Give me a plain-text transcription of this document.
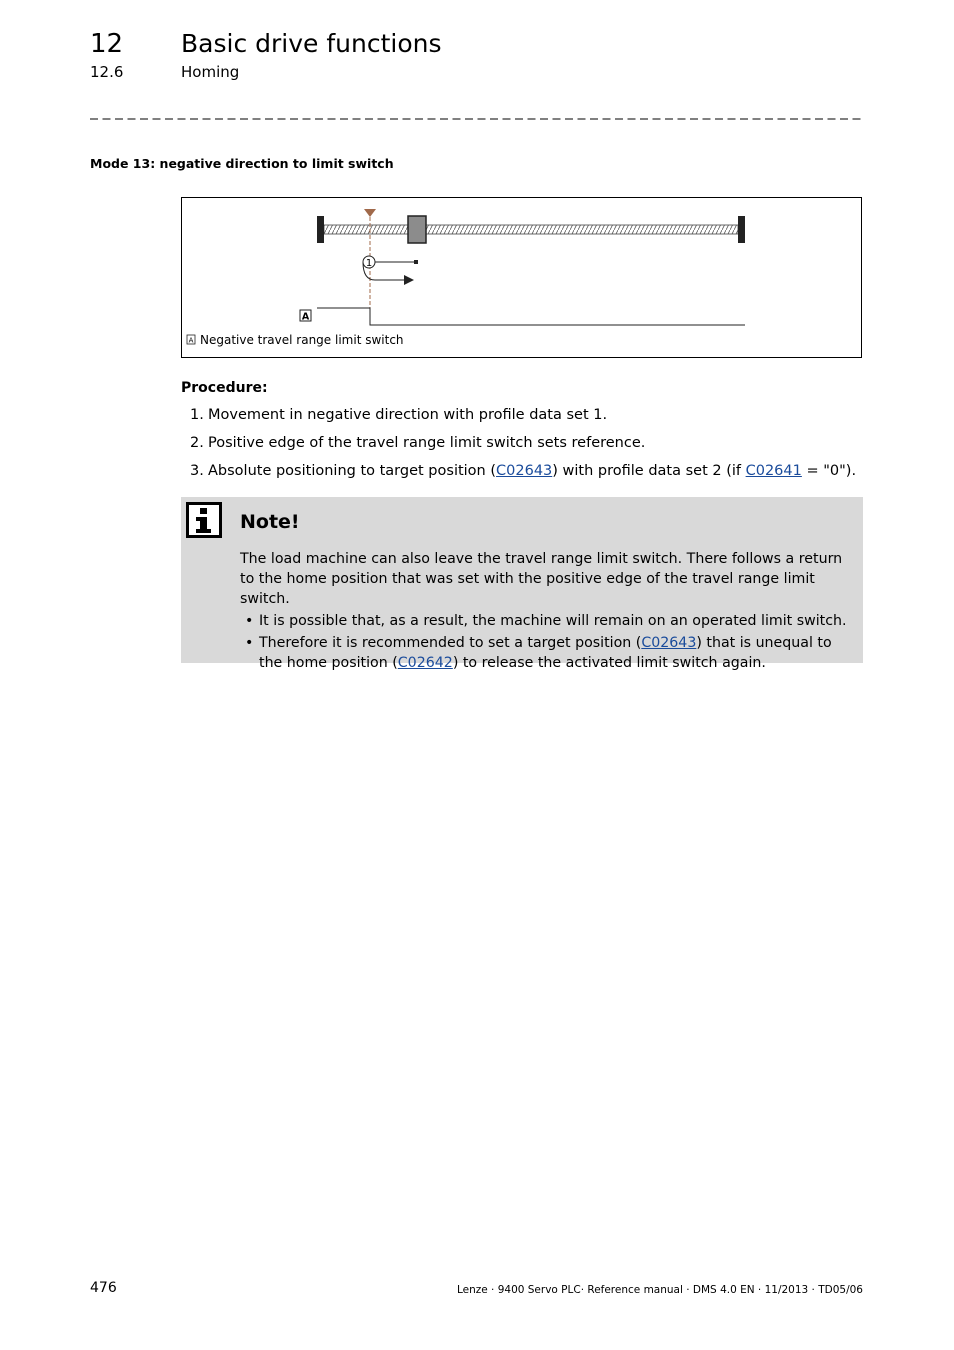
12 Basic drive functions
12.6	Homing
Mode 13: negative direction to limit switch
1
A
A Negative travel range limit switch
Procedure:
1. Movement in negative direction with profile data set 1.
2. Positive edge of the travel range limit switch sets reference.
3. Absolute positioning to target position (C02643) with profile data set 2 (if C02641 = "0").
Note!

The load machine can also leave the travel range limit switch. There follows a return to the home position that was set with the positive edge of the travel range limit switch.

• It is possible that, as a result, the machine will remain on an operated limit switch.
• Therefore it is recommended to set a target position (C02643) that is unequal to the home position (C02642) to release the activated limit switch again.
476	Lenze · 9400 Servo PLC· Reference manual · DMS 4.0 EN · 11/2013 · TD05/06
